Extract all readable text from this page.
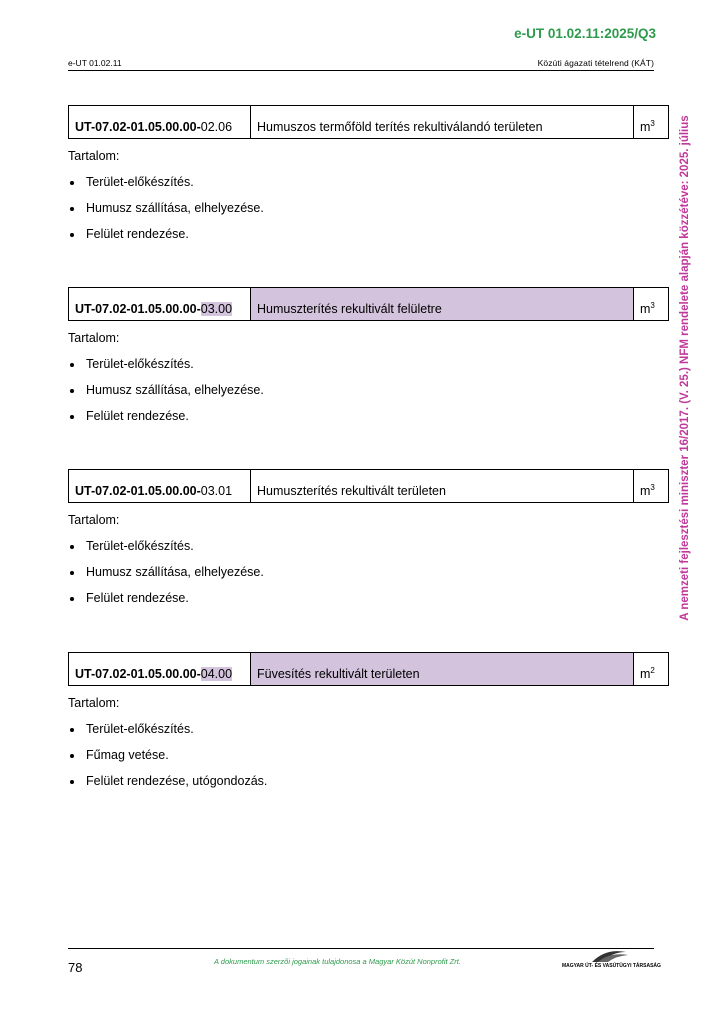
e-UT 01.02.11:2025/Q3
e-UT 01.02.11	Közúti ágazati tételrend (KÁT)
A nemzeti fejlesztési miniszter 16/2017. (V. 25.) NFM rendelete alapján közzétéve: 2025. július
UT-07.02-01.05.00.00-02.06	Humuszos termőföld terítés rekultiválandó területen	$m^3$
Tartalom:
Terület-előkészítés.
Humusz szállítása, elhelyezése.
Felület rendezése.
UT-07.02-01.05.00.00-03.00	Humuszterítés rekultivált felületre	$m^3$
Tartalom:
Terület-előkészítés.
Humusz szállítása, elhelyezése.
Felület rendezése.
UT-07.02-01.05.00.00-03.01	Humuszterítés rekultivált területen	$m^3$
Tartalom:
Terület-előkészítés.
Humusz szállítása, elhelyezése.
Felület rendezése.
UT-07.02-01.05.00.00-04.00	Füvesítés rekultivált területen	$m^2$
Tartalom:
Terület-előkészítés.
Fűmag vetése.
Felület rendezése, utógondozás.
78	A dokumentum szerzői jogainak tulajdonosa a Magyar Közút Nonprofit Zrt.	MAGYAR ÚT- ÉS VASÚTÜGYI TÁRSASÁG
